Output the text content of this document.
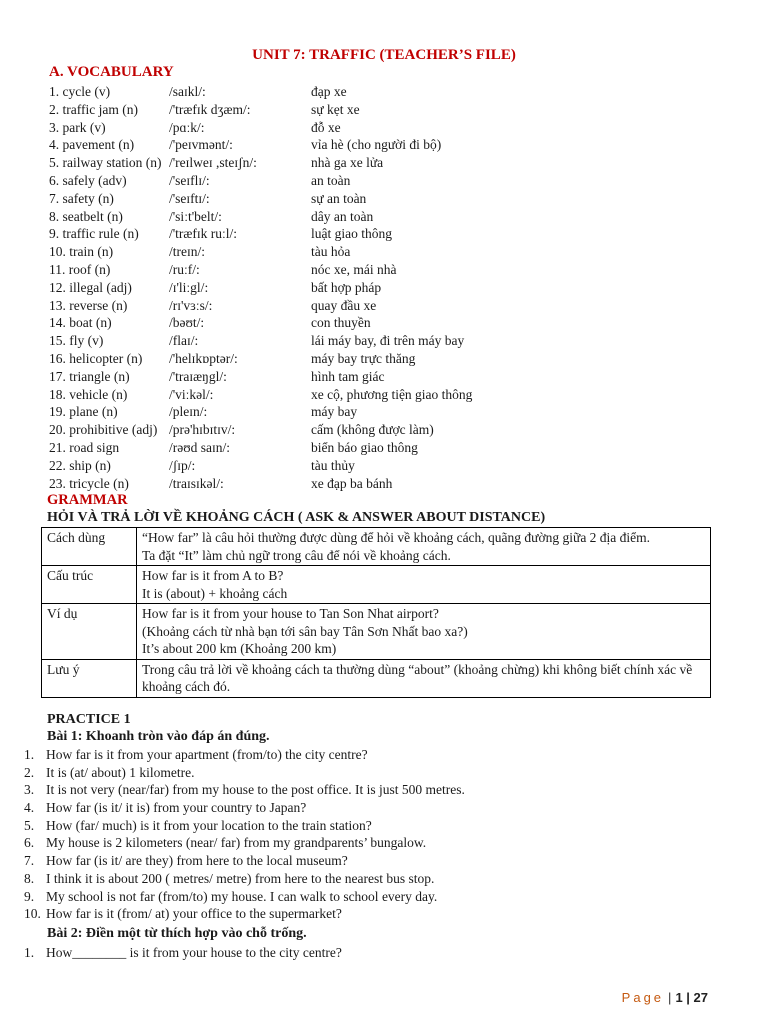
UNIT 7: TRAFFIC (TEACHER’S FILE)
A. VOCABULARY
1. cycle (v)	/saɪkl/:	đạp xe
2. traffic jam (n) /'træfɪk dʒæm/:	sự kẹt xe
3. park (v)	/pɑːk/:	đỗ xe
4. pavement (n)	/'peɪvmənt/:	vỉa hè (cho người đi bộ)
5. railway station (n) /'reɪlweɪ ,steɪʃn/:	nhà ga xe lửa
6. safely (adv)	/'seɪflɪ/:	an toàn
7. safety (n)	/'seɪftɪ/:	sự an toàn
8. seatbelt (n)	/'siːt'belt/:	dây an toàn
9. traffic rule (n) /'træfɪk ruːl/:	luật giao thông
10. train (n)	/treɪn/:	tàu hỏa
11. roof (n)	/ruːf/:	nóc xe, mái nhà
12. illegal (adj)	/ɪ'liːgl/:	bất hợp pháp
13. reverse (n)	/rɪ'vɜːs/:	quay đầu xe
14. boat (n)	/bəʊt/:	con thuyền
15. fly (v)	/flaɪ/:	lái máy bay, đi trên máy bay
16. helicopter (n) /'helɪkɒptər/:	máy bay trực thăng
17. triangle (n)	/'traɪæŋgl/:	hình tam giác
18. vehicle (n)	/'viːkəl/:	xe cộ, phương tiện giao thông
19. plane (n)	/pleɪn/:	máy bay
20. prohibitive (adj) /prə'hɪbɪtɪv/:	cấm (không được làm)
21. road sign	/rəʊd saɪn/:	biển báo giao thông
22. ship (n)	/ʃɪp/:	tàu thủy
23. tricycle (n)	/traɪsɪkəl/:	xe đạp ba bánh
GRAMMAR
HỎI VÀ TRẢ LỜI VỀ KHOẢNG CÁCH ( ASK & ANSWER ABOUT DISTANCE)
Cách dùng	“How far” là câu hỏi thường được dùng để hỏi về khoảng cách, quãng đường giữa 2 địa điểm.
Ta đặt “It” làm chủ ngữ trong câu để nói về khoảng cách.

Cấu trúc	How far is it from A to B?
It is (about) + khoảng cách

Ví dụ	How far is it from your house to Tan Son Nhat airport?
(Khoảng cách từ nhà bạn tới sân bay Tân Sơn Nhất bao xa?)
It’s about 200 km (Khoảng 200 km)

Lưu ý	Trong câu trả lời về khoảng cách ta thường dùng “about” (khoảng chừng) khi không biết chính xác về khoảng cách đó.
PRACTICE 1
Bài 1: Khoanh tròn vào đáp án đúng.
1. How far is it from your apartment (from/to) the city centre?
2. It is (at/ about) 1 kilometre.
3. It is not very (near/far) from my house to the post office. It is just 500 metres.
4. How far (is it/ it is) from your country to Japan?
5. How (far/ much) is it from your location to the train station?
6. My house is 2 kilometers (near/ far) from my grandparents’ bungalow.
7. How far (is it/ are they) from here to the local museum?
8. I think it is about 200 ( metres/ metre) from here to the nearest bus stop.
9. My school is not far (from/to) my house. I can walk to school every day.
10. How far is it (from/ at) your office to the supermarket?
Bài 2: Điền một từ thích hợp vào chỗ trống.
1. How________ is it from your house to the city centre?
Page | 1 | 27
